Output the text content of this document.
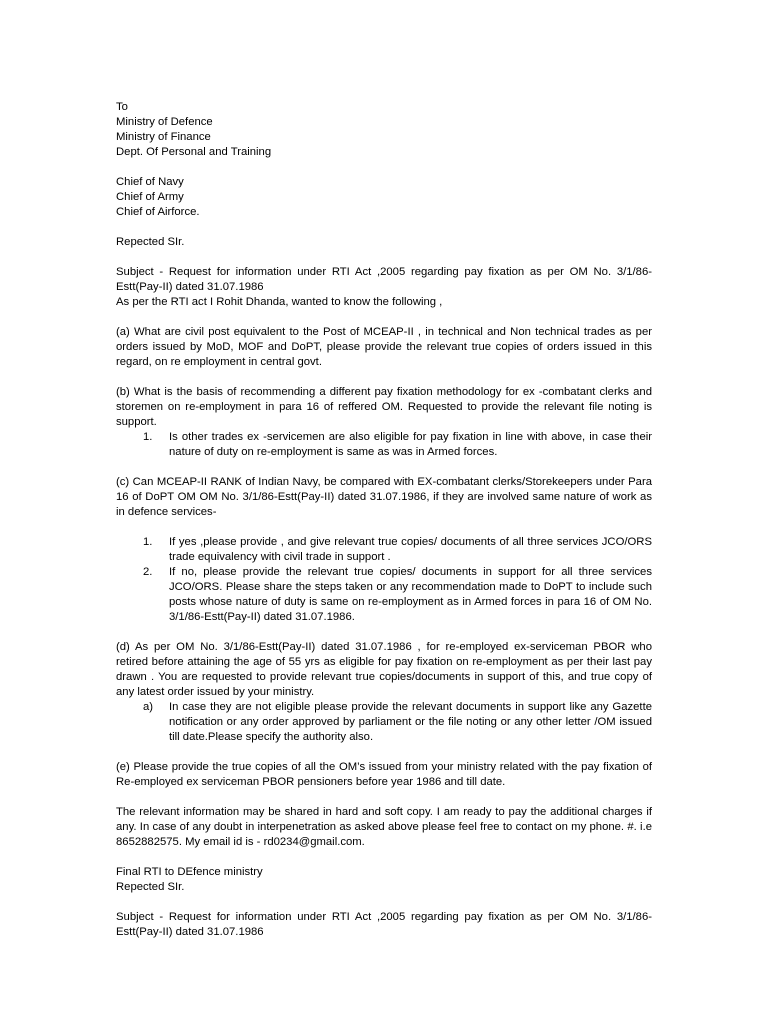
To
Ministry of Defence
Ministry of Finance
Dept. Of Personal and Training
Chief of Navy
Chief of Army
Chief of Airforce.
Repected SIr.

Subject - Request for information under RTI Act ,2005 regarding pay fixation as per OM No. 3/1/86-Estt(Pay-II) dated 31.07.1986

As per the RTI act I Rohit Dhanda, wanted to know the following ,

(a) What are civil post equivalent to the Post of MCEAP-II , in technical and Non technical trades as per orders issued by MoD, MOF and DoPT, please provide the relevant true copies of orders issued in this regard, on re employment in central govt.

(b) What is the basis of recommending a different pay fixation methodology for ex -combatant clerks and storemen on re-employment in para 16 of reffered OM. Requested to provide the relevant file noting is support.

1.	Is other trades ex -servicemen are also eligible for pay fixation in line with above, in case their nature of duty on re-employment is same as was in Armed forces.

(c) Can MCEAP-II RANK of Indian Navy, be compared with EX-combatant clerks/Storekeepers under Para 16 of DoPT OM OM No. 3/1/86-Estt(Pay-II) dated 31.07.1986, if they are involved same nature of work as in defence services-

1.	If yes ,please provide , and give relevant true copies/ documents of all three services JCO/ORS trade equivalency with civil trade in support .
2.	If no, please provide the relevant true copies/ documents in support for all three services JCO/ORS. Please share the steps taken or any recommendation made to DoPT to include such posts whose nature of duty is same on re-employment as in Armed forces in para 16 of OM No. 3/1/86-Estt(Pay-II) dated 31.07.1986.

(d) As per OM No. 3/1/86-Estt(Pay-II) dated 31.07.1986 , for re-employed ex-serviceman PBOR who retired before attaining the age of 55 yrs as eligible for pay fixation on re-employment as per their last pay drawn . You are requested to provide relevant true copies/documents in support of this, and true copy of any latest order issued by your ministry.

a)	In case they are not eligible please provide the relevant documents in support like any Gazette notification or any order approved by parliament or the file noting or any other letter /OM issued till date.Please specify the authority also.

(e) Please provide the true copies of all the OM’s issued from your ministry related with the pay fixation of Re-employed ex serviceman PBOR pensioners before year 1986 and till date.

The relevant information may be shared in hard and soft copy. I am ready to pay the additional charges if any. In case of any doubt in interpenetration as asked above please feel free to contact on my phone. #. i.e 8652882575. My email id is - rd0234@gmail.com.

Final RTI to DEfence ministry
Repected SIr.

Subject - Request for information under RTI Act ,2005 regarding pay fixation as per OM No. 3/1/86-Estt(Pay-II) dated 31.07.1986
